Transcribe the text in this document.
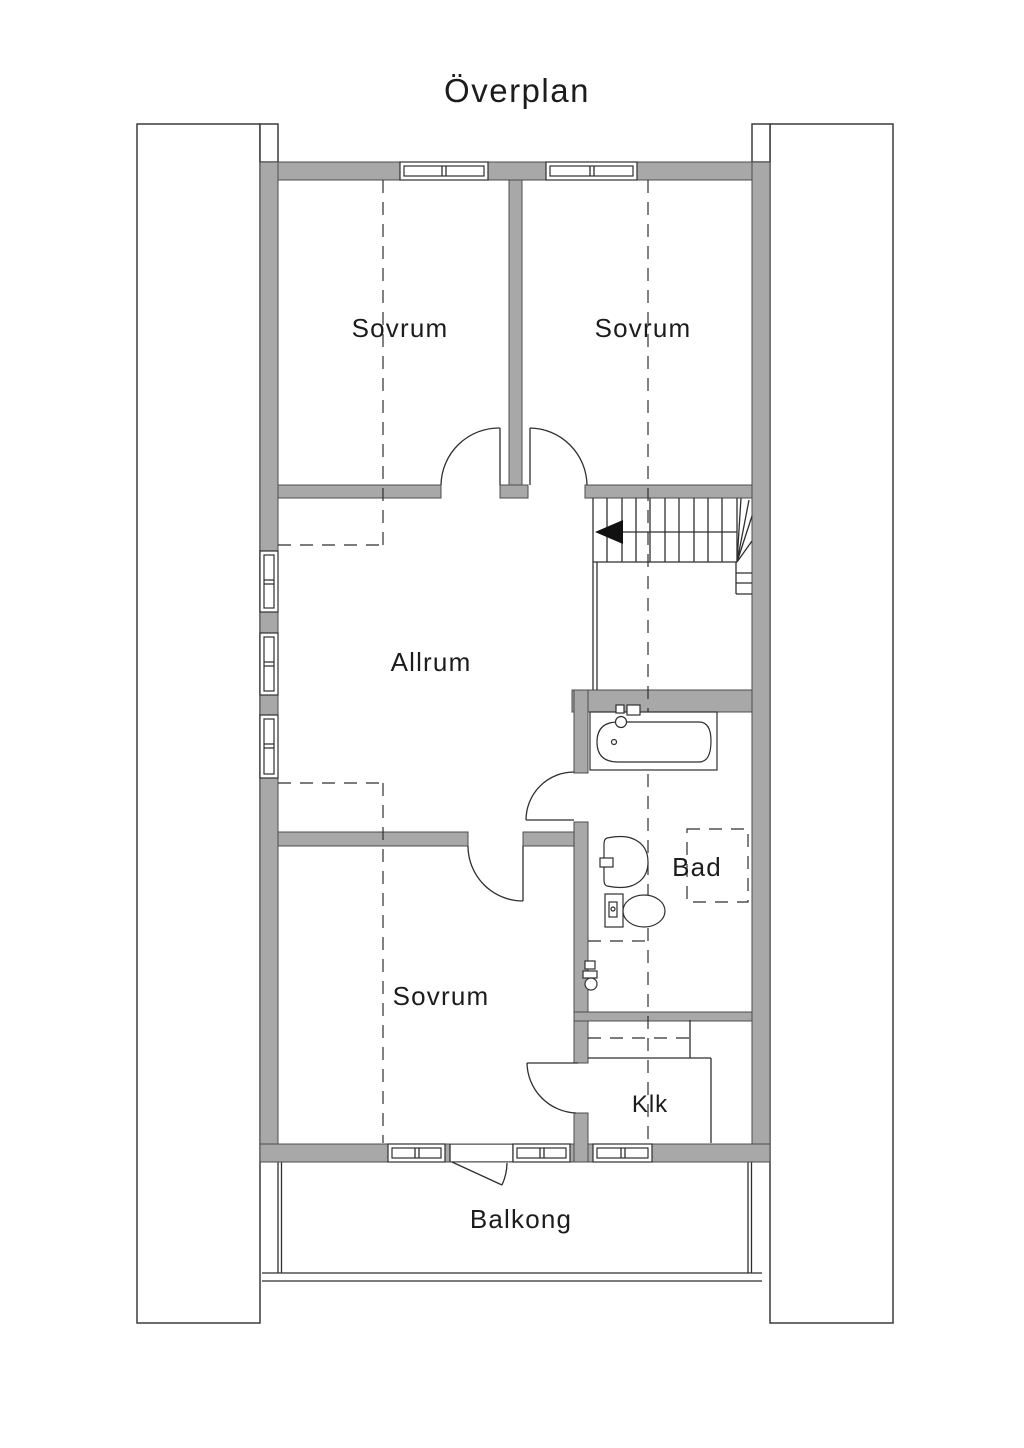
Överplan
Sovrum	Sovrum
Allrum
Bad
Sovrum
Klk
Balkong
